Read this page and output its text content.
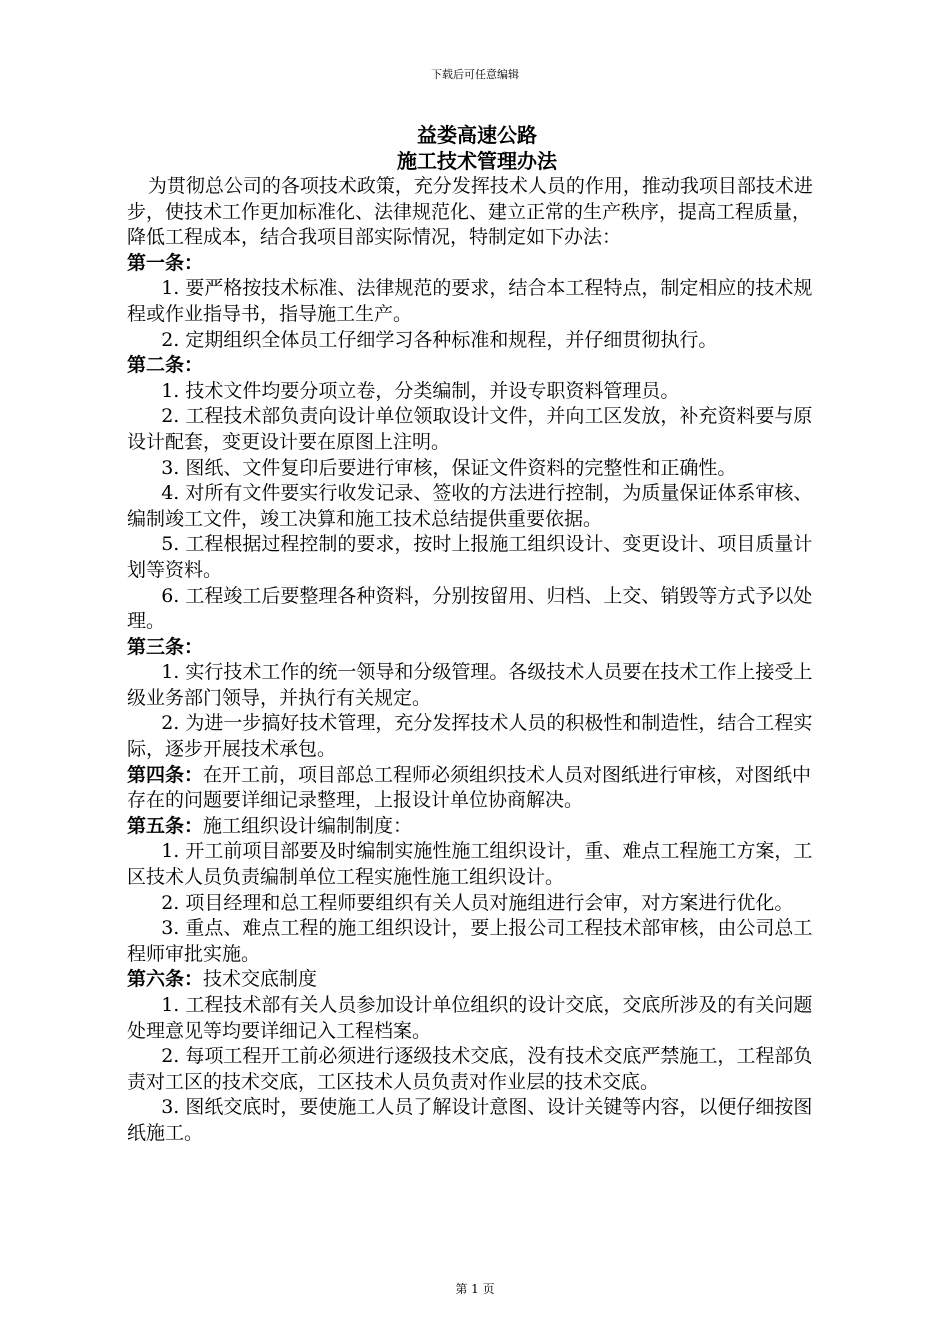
下载后可任意编辑
益娄高速公路
施工技术管理办法

为贯彻总公司的各项技术政策，充分发挥技术人员的作用，推动我项目部技术进步，使技术工作更加标准化、法律规范化、建立正常的生产秩序，提高工程质量，降低工程成本，结合我项目部实际情况，特制定如下办法：

第一条：

1. 要严格按技术标准、法律规范的要求，结合本工程特点，制定相应的技术规程或作业指导书，指导施工生产。

2. 定期组织全体员工仔细学习各种标准和规程，并仔细贯彻执行。

第二条：

1. 技术文件均要分项立卷，分类编制，并设专职资料管理员。

2. 工程技术部负责向设计单位领取设计文件，并向工区发放，补充资料要与原设计配套，变更设计要在原图上注明。

3. 图纸、文件复印后要进行审核，保证文件资料的完整性和正确性。

4. 对所有文件要实行收发记录、签收的方法进行控制，为质量保证体系审核、编制竣工文件，竣工决算和施工技术总结提供重要依据。

5. 工程根据过程控制的要求，按时上报施工组织设计、变更设计、项目质量计划等资料。

6. 工程竣工后要整理各种资料，分别按留用、归档、上交、销毁等方式予以处理。

第三条：

1. 实行技术工作的统一领导和分级管理。各级技术人员要在技术工作上接受上级业务部门领导，并执行有关规定。

2. 为进一步搞好技术管理，充分发挥技术人员的积极性和制造性，结合工程实际，逐步开展技术承包。

第四条：在开工前，项目部总工程师必须组织技术人员对图纸进行审核，对图纸中存在的问题要详细记录整理，上报设计单位协商解决。

第五条：施工组织设计编制制度：

1. 开工前项目部要及时编制实施性施工组织设计，重、难点工程施工方案，工区技术人员负责编制单位工程实施性施工组织设计。

2. 项目经理和总工程师要组织有关人员对施组进行会审，对方案进行优化。

3. 重点、难点工程的施工组织设计，要上报公司工程技术部审核，由公司总工程师审批实施。

第六条：技术交底制度

1. 工程技术部有关人员参加设计单位组织的设计交底，交底所涉及的有关问题处理意见等均要详细记入工程档案。

2. 每项工程开工前必须进行逐级技术交底，没有技术交底严禁施工，工程部负责对工区的技术交底，工区技术人员负责对作业层的技术交底。

3. 图纸交底时，要使施工人员了解设计意图、设计关键等内容，以便仔细按图纸施工。

第 1 页
